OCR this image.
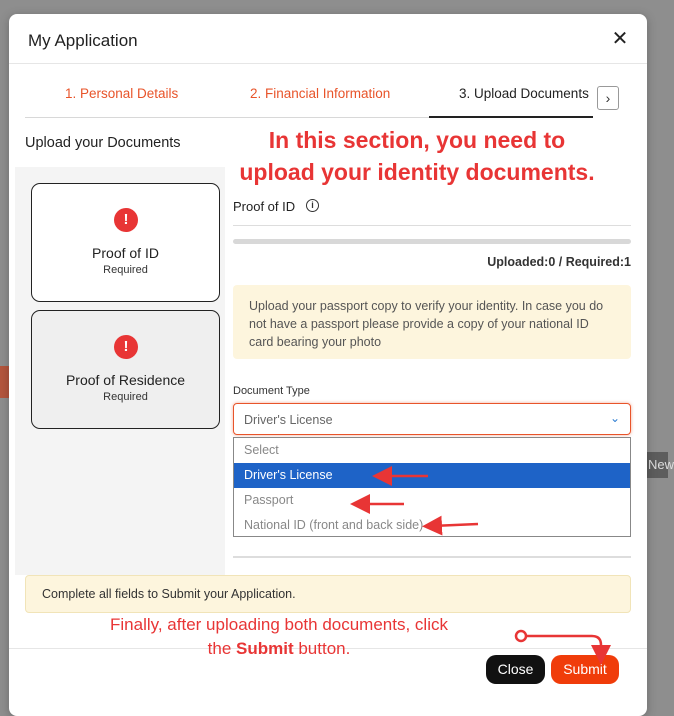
New
My Application	✕
1. Personal Details	2. Financial Information	3. Upload Documents	›
Upload your Documents	In this section, you need to
upload your identity documents.
!
Proof of ID
Required
!
Proof of Residence
Required
Proof of ID	i
Uploaded:0 / Required:1
Upload your passport copy to verify your identity. In case you do not have a passport please provide a copy of your national ID card bearing your photo
Document Type
Driver's License	⌄
Select
Driver's License
Passport
National ID (front and back side)
Complete all fields to Submit your Application.
Finally, after uploading both documents, click
the Submit button.
Close	Submit
